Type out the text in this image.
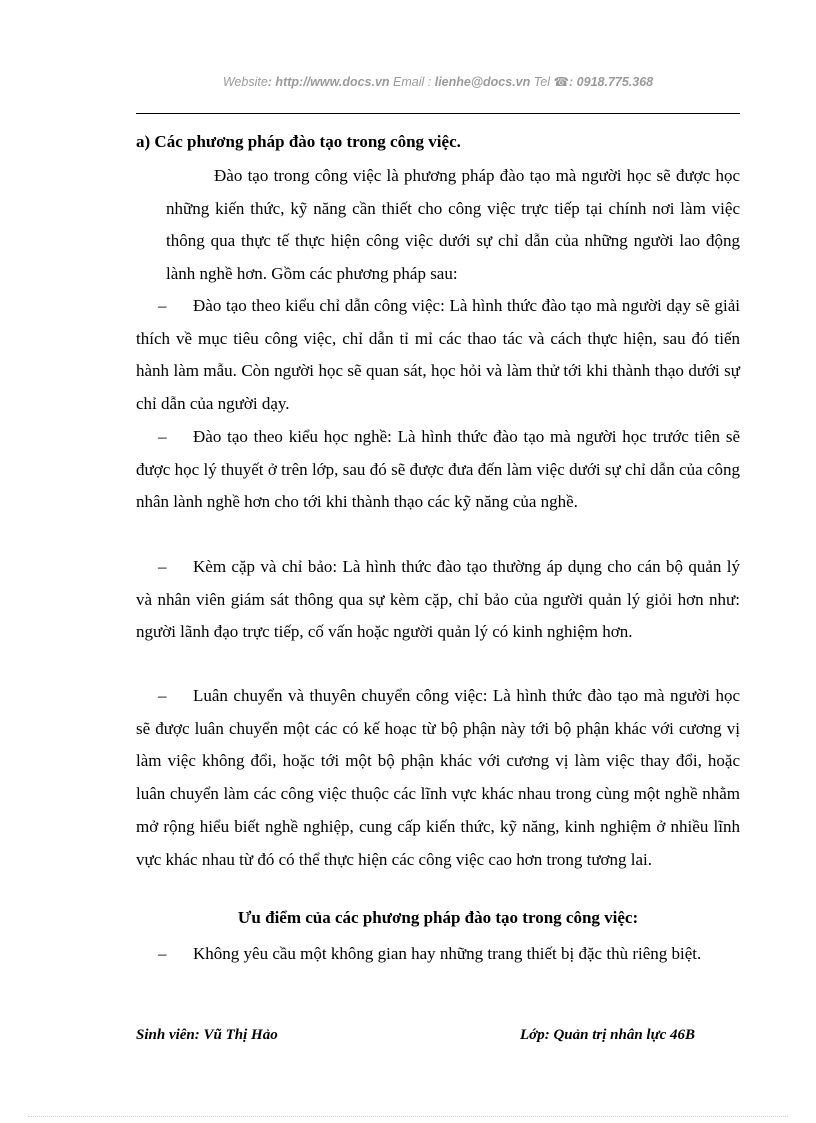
Website: http://www.docs.vn Email : lienhe@docs.vn Tel ☎: 0918.775.368
a) Các phương pháp đào tạo trong công việc.
Đào tạo trong công việc là phương pháp đào tạo mà người học sẽ được học những kiến thức, kỹ năng cần thiết cho công việc trực tiếp tại chính nơi làm việc thông qua thực tế thực hiện công việc dưới sự chỉ dẫn của những người lao động lành nghề hơn. Gồm các phương pháp sau:
– Đào tạo theo kiểu chỉ dẫn công việc: Là hình thức đào tạo mà người dạy sẽ giải thích về mục tiêu công việc, chỉ dẫn tỉ mỉ các thao tác và cách thực hiện, sau đó tiến hành làm mẫu. Còn người học sẽ quan sát, học hỏi và làm thử tới khi thành thạo dưới sự chỉ dẫn của người dạy.
– Đào tạo theo kiểu học nghề: Là hình thức đào tạo mà người học trước tiên sẽ được học lý thuyết ở trên lớp, sau đó sẽ được đưa đến làm việc dưới sự chỉ dẫn của công nhân lành nghề hơn cho tới khi thành thạo các kỹ năng của nghề.
– Kèm cặp và chỉ bảo: Là hình thức đào tạo thường áp dụng cho cán bộ quản lý và nhân viên giám sát thông qua sự kèm cặp, chỉ bảo của người quản lý giỏi hơn như: người lãnh đạo trực tiếp, cố vấn hoặc người quản lý có kinh nghiệm hơn.
– Luân chuyển và thuyên chuyển công việc: Là hình thức đào tạo mà người học sẽ được luân chuyển một các có kế hoạc từ bộ phận này tới bộ phận khác với cương vị làm việc không đổi, hoặc tới một bộ phận khác với cương vị làm việc thay đổi, hoặc luân chuyển làm các công việc thuộc các lĩnh vực khác nhau trong cùng một nghề nhằm mở rộng hiểu biết nghề nghiệp, cung cấp kiến thức, kỹ năng, kinh nghiệm ở nhiều lĩnh vực khác nhau từ đó có thể thực hiện các công việc cao hơn trong tương lai.
Ưu điểm của các phương pháp đào tạo trong công việc:
– Không yêu cầu một không gian hay những trang thiết bị đặc thù riêng biệt.
Sinh viên: Vũ Thị Hảo	Lớp: Quản trị nhân lực 46B
